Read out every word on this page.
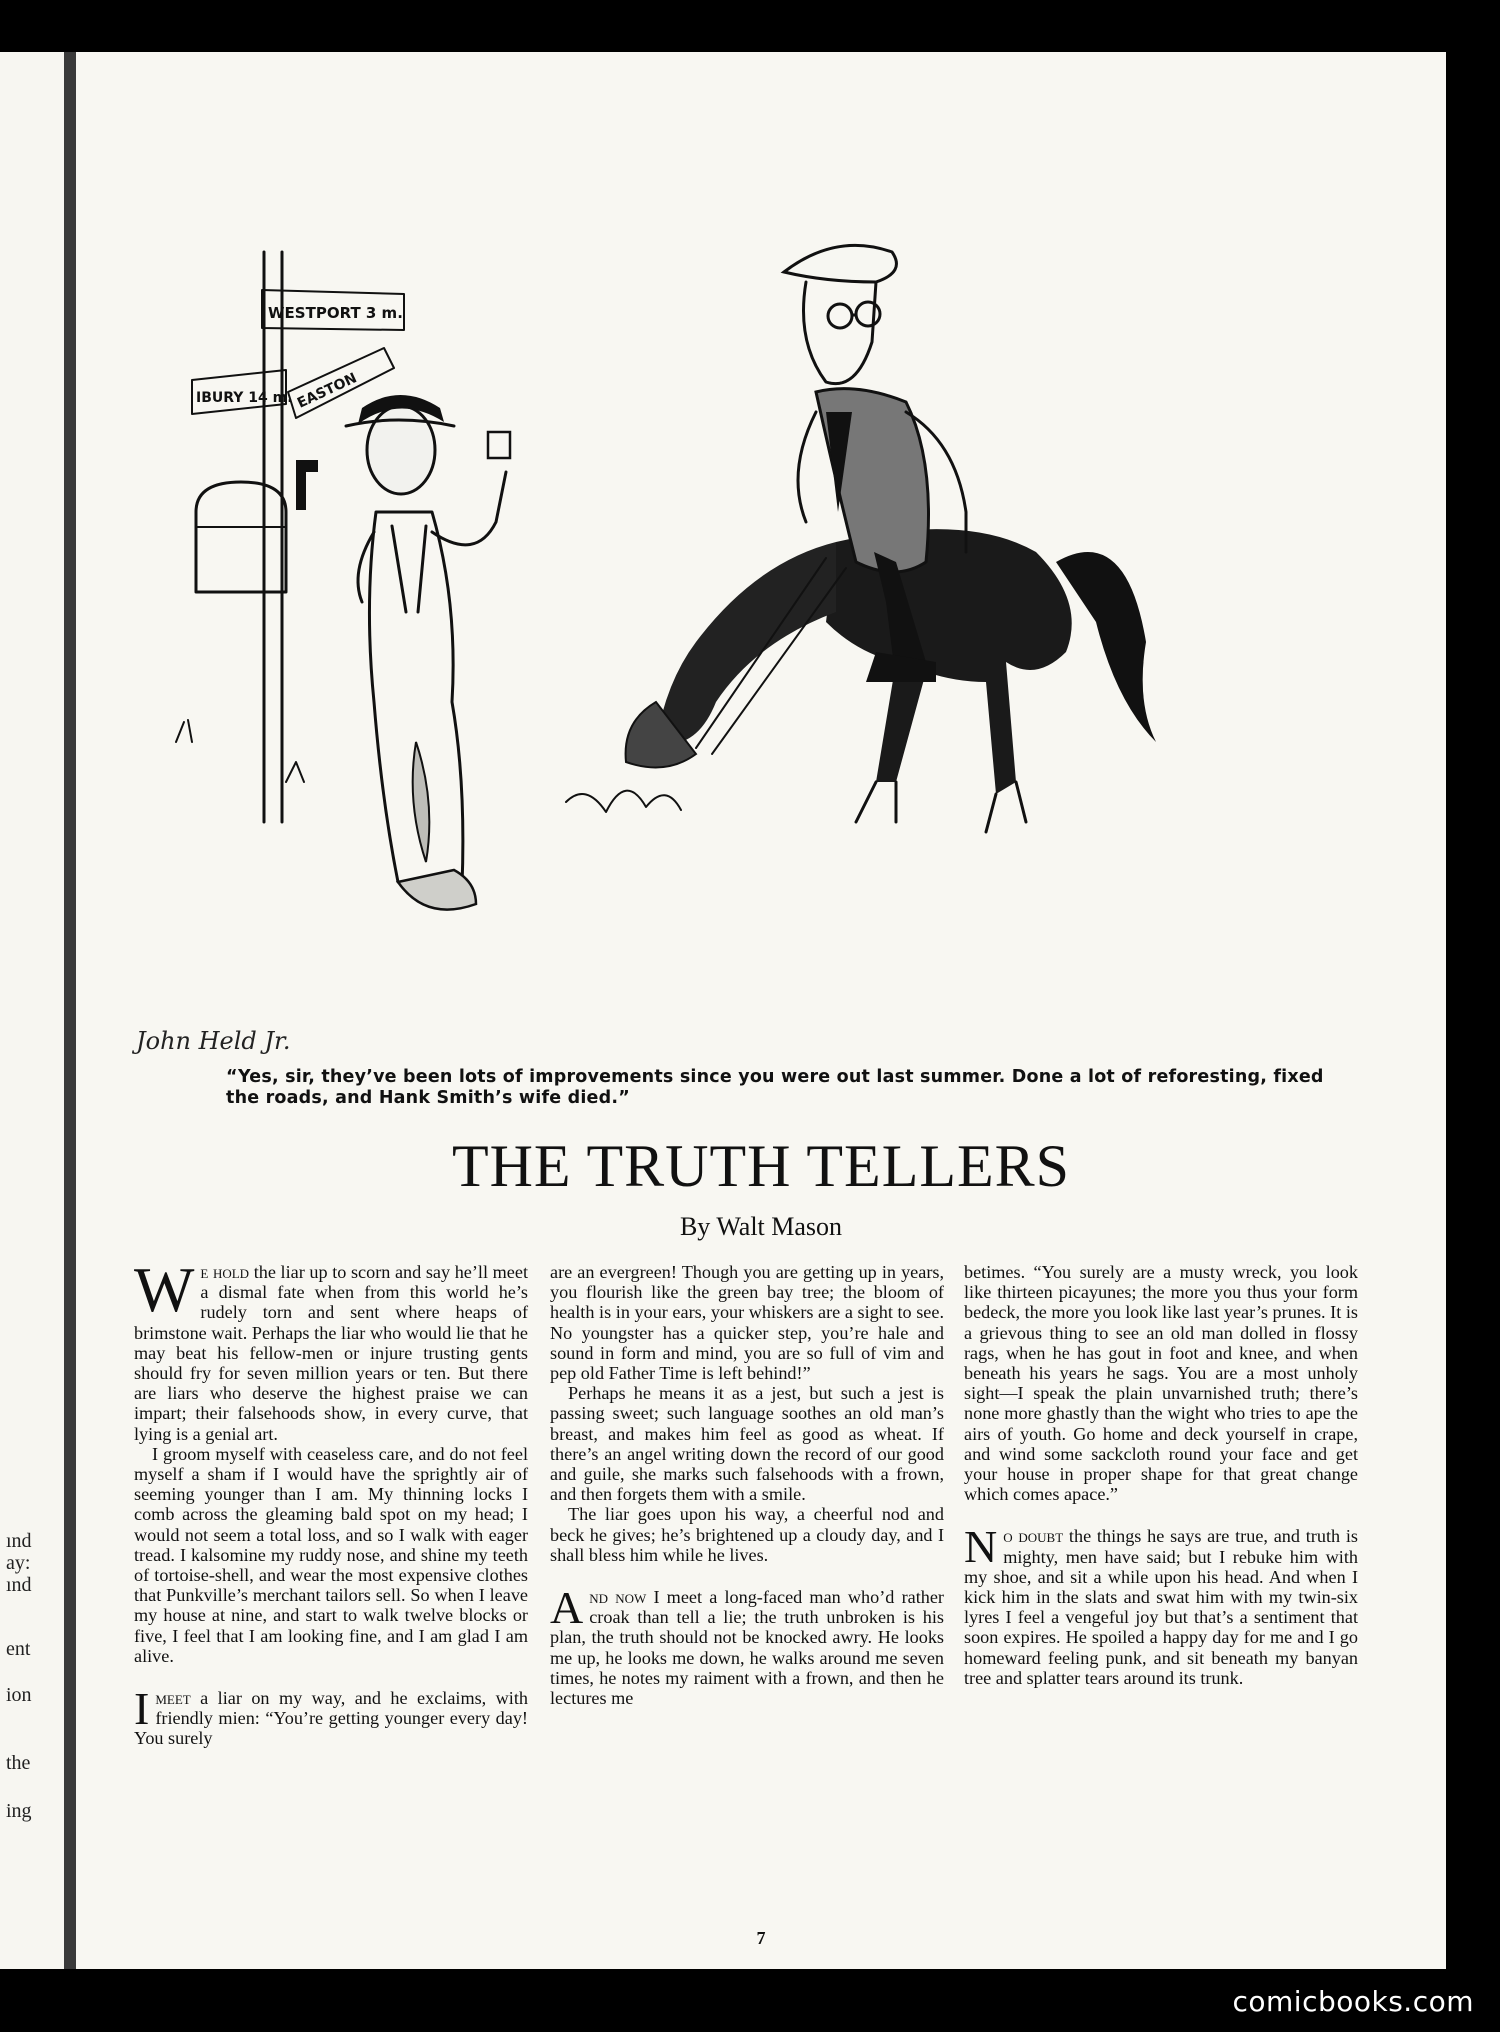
ınd
ay:
ınd
ent
ion
the
ing
WESTPORT 3 m.
IBURY 14 m. EASTON
John Held Jr.
“Yes, sir, they’ve been lots of improvements since you were out last summer. Done a lot of reforesting, fixed the roads, and Hank Smith’s wife died.”
THE TRUTH TELLERS
By Walt Mason

We hold the liar up to scorn and say he’ll meet a dismal fate when from this world he’s rudely torn and sent where heaps of brimstone wait. Perhaps the liar who would lie that he may beat his fellow-men or injure trusting gents should fry for seven million years or ten. But there are liars who deserve the highest praise we can impart; their falsehoods show, in every curve, that lying is a genial art.

I groom myself with ceaseless care, and do not feel myself a sham if I would have the sprightly air of seeming younger than I am. My thinning locks I comb across the gleaming bald spot on my head; I would not seem a total loss, and so I walk with eager tread. I kalsomine my ruddy nose, and shine my teeth of tortoise-shell, and wear the most expensive clothes that Punkville’s merchant tailors sell. So when I leave my house at nine, and start to walk twelve blocks or five, I feel that I am looking fine, and I am glad I am alive.

Imeet a liar on my way, and he exclaims, with friendly mien: “You’re getting younger every day! You surely

are an evergreen! Though you are getting up in years, you flourish like the green bay tree; the bloom of health is in your ears, your whiskers are a sight to see. No youngster has a quicker step, you’re hale and sound in form and mind, you are so full of vim and pep old Father Time is left behind!”

Perhaps he means it as a jest, but such a jest is passing sweet; such language soothes an old man’s breast, and makes him feel as good as wheat. If there’s an angel writing down the record of our good and guile, she marks such falsehoods with a frown, and then forgets them with a smile.

The liar goes upon his way, a cheerful nod and beck he gives; he’s brightened up a cloudy day, and I shall bless him while he lives.

And now I meet a long-faced man who’d rather croak than tell a lie; the truth unbroken is his plan, the truth should not be knocked awry. He looks me up, he looks me down, he walks around me seven times, he notes my raiment with a frown, and then he lectures me

betimes. “You surely are a musty wreck, you look like thirteen picayunes; the more you thus your form bedeck, the more you look like last year’s prunes. It is a grievous thing to see an old man dolled in flossy rags, when he has gout in foot and knee, and when beneath his years he sags. You are a most unholy sight—I speak the plain unvarnished truth; there’s none more ghastly than the wight who tries to ape the airs of youth. Go home and deck yourself in crape, and wind some sackcloth round your face and get your house in proper shape for that great change which comes apace.”

No doubt the things he says are true, and truth is mighty, men have said; but I rebuke him with my shoe, and sit a while upon his head. And when I kick him in the slats and swat him with my twin-six lyres I feel a vengeful joy but that’s a sentiment that soon expires. He spoiled a happy day for me and I go homeward feeling punk, and sit beneath my banyan tree and splatter tears around its trunk.

7
comicbooks.com
